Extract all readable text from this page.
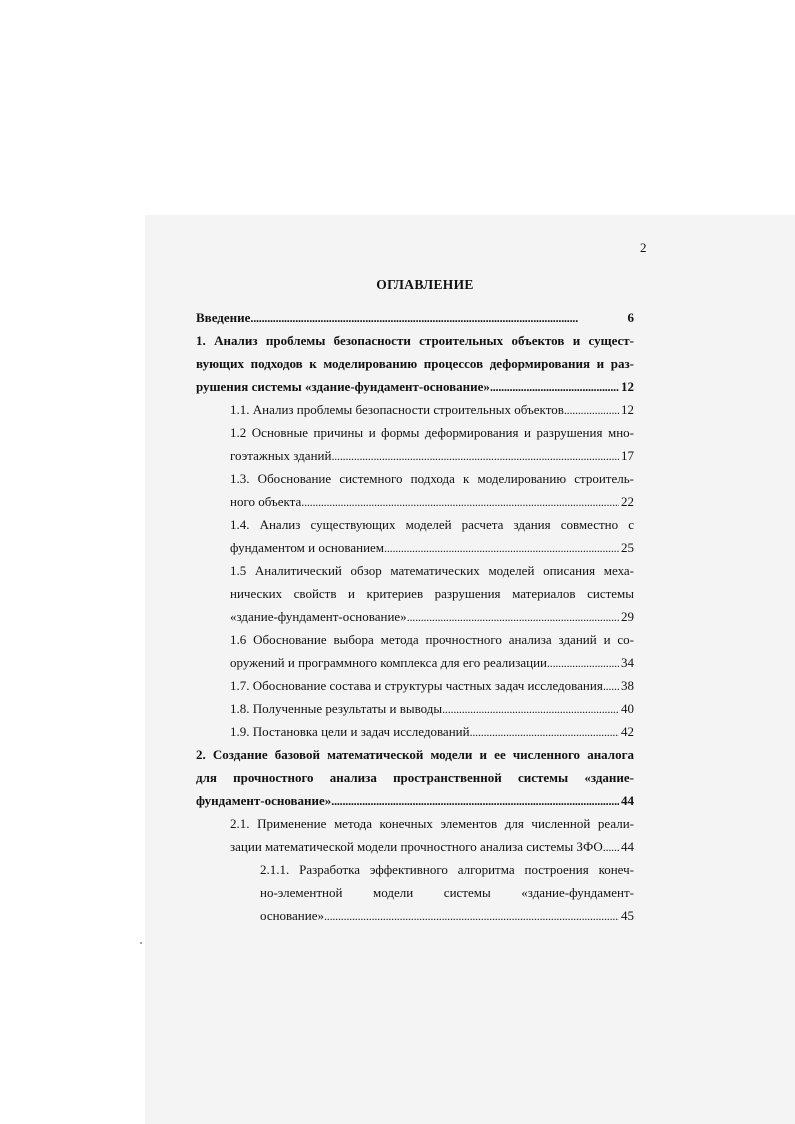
2
ОГЛАВЛЕНИЕ
Введение . . .	6
1. Анализ проблемы безопасности строительных объектов и сущест-
вующих подходов к моделированию процессов деформирования и раз-
рушения системы «здание-фундамент-основание» . . .	12
1.1. Анализ проблемы безопасности строительных объектов . . .	12
1.2 Основные причины и формы деформирования и разрушения мно-
гоэтажных зданий . . .	17
1.3. Обоснование системного подхода к моделированию строитель-
ного объекта . . .	22
1.4. Анализ существующих моделей расчета здания совместно с
фундаментом и основанием . . .	25
1.5 Аналитический обзор математических моделей описания меха-
нических свойств и критериев разрушения материалов системы
«здание-фундамент-основание» . . .	29
1.6 Обоснование выбора метода прочностного анализа зданий и со-
оружений и программного комплекса для его реализации . . .	34
1.7. Обоснование состава и структуры частных задач исследования . . . 38
1.8. Полученные результаты и выводы . . .	40
1.9. Постановка цели и задач исследований . . .	42
2. Создание базовой математической модели и ее численного аналога
для прочностного анализа пространственной системы «здание-
фундамент-основание» . . .	44
2.1. Применение метода конечных элементов для численной реали-
зации математической модели прочностного анализа системы ЗФО . . . 44
2.1.1. Разработка эффективного алгоритма построения конеч-
но-элементной модели системы «здание-фундамент-
основание» . . .	45
